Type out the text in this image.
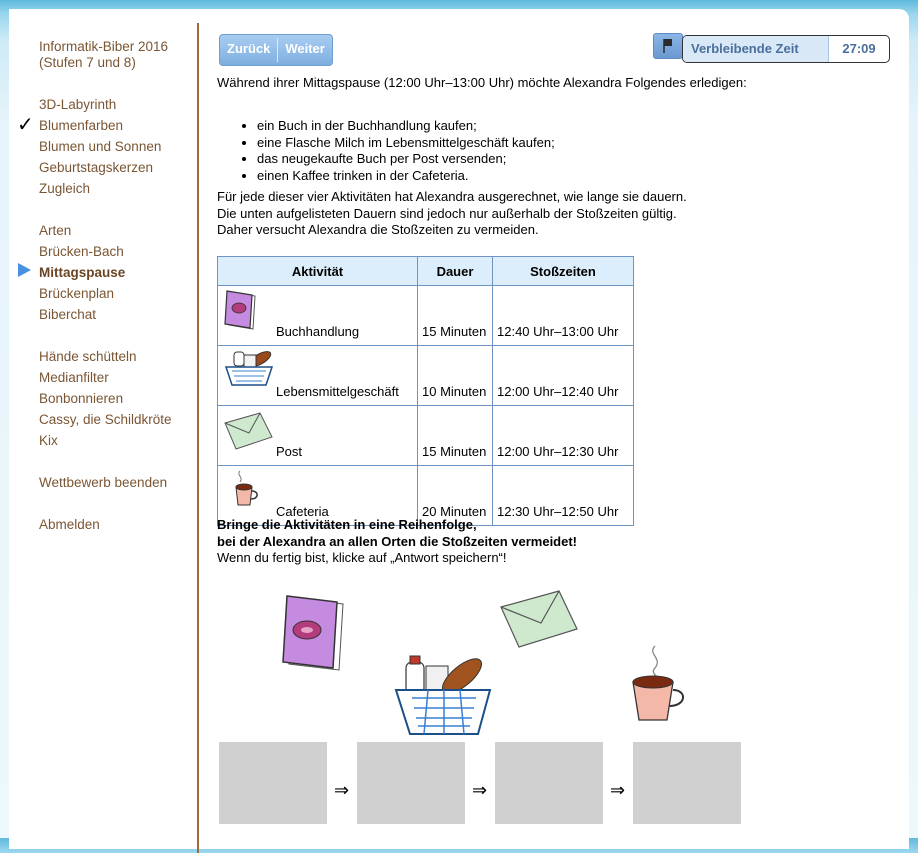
Informatik-Biber 2016
(Stufen 7 und 8)
✓
3D-Labyrinth
Blumenfarben
Blumen und Sonnen
Geburtstagskerzen
Zugleich
Arten
Brücken-Bach
Mittagspause
Brückenplan
Biberchat
Hände schütteln
Medianfilter
Bonbonnieren
Cassy, die Schildkröte
Kix
Wettbewerb beenden
Abmelden
Zurück	Weiter	Verbleibende Zeit	27:09
Während ihrer Mittagspause (12:00 Uhr–13:00 Uhr) möchte Alexandra Folgendes erledigen:
• ein Buch in der Buchhandlung kaufen;
• eine Flasche Milch im Lebensmittelgeschäft kaufen;
• das neugekaufte Buch per Post versenden;
• einen Kaffee trinken in der Cafeteria.
Für jede dieser vier Aktivitäten hat Alexandra ausgerechnet, wie lange sie dauern.
Die unten aufgelisteten Dauern sind jedoch nur außerhalb der Stoßzeiten gültig.
Daher versucht Alexandra die Stoßzeiten zu vermeiden.
Aktivität	Dauer	Stoßzeiten

Buchhandlung	15 Minuten	12:40 Uhr–13:00 Uhr

Lebensmittelgeschäft	10 Minuten	12:00 Uhr–12:40 Uhr

Post	15 Minuten	12:00 Uhr–12:30 Uhr

Cafeteria	20 Minuten	12:30 Uhr–12:50 Uhr
Bringe die Aktivitäten in eine Reihenfolge,
bei der Alexandra an allen Orten die Stoßzeiten vermeidet!
Wenn du fertig bist, klicke auf „Antwort speichern“!
⇒	⇒	⇒
